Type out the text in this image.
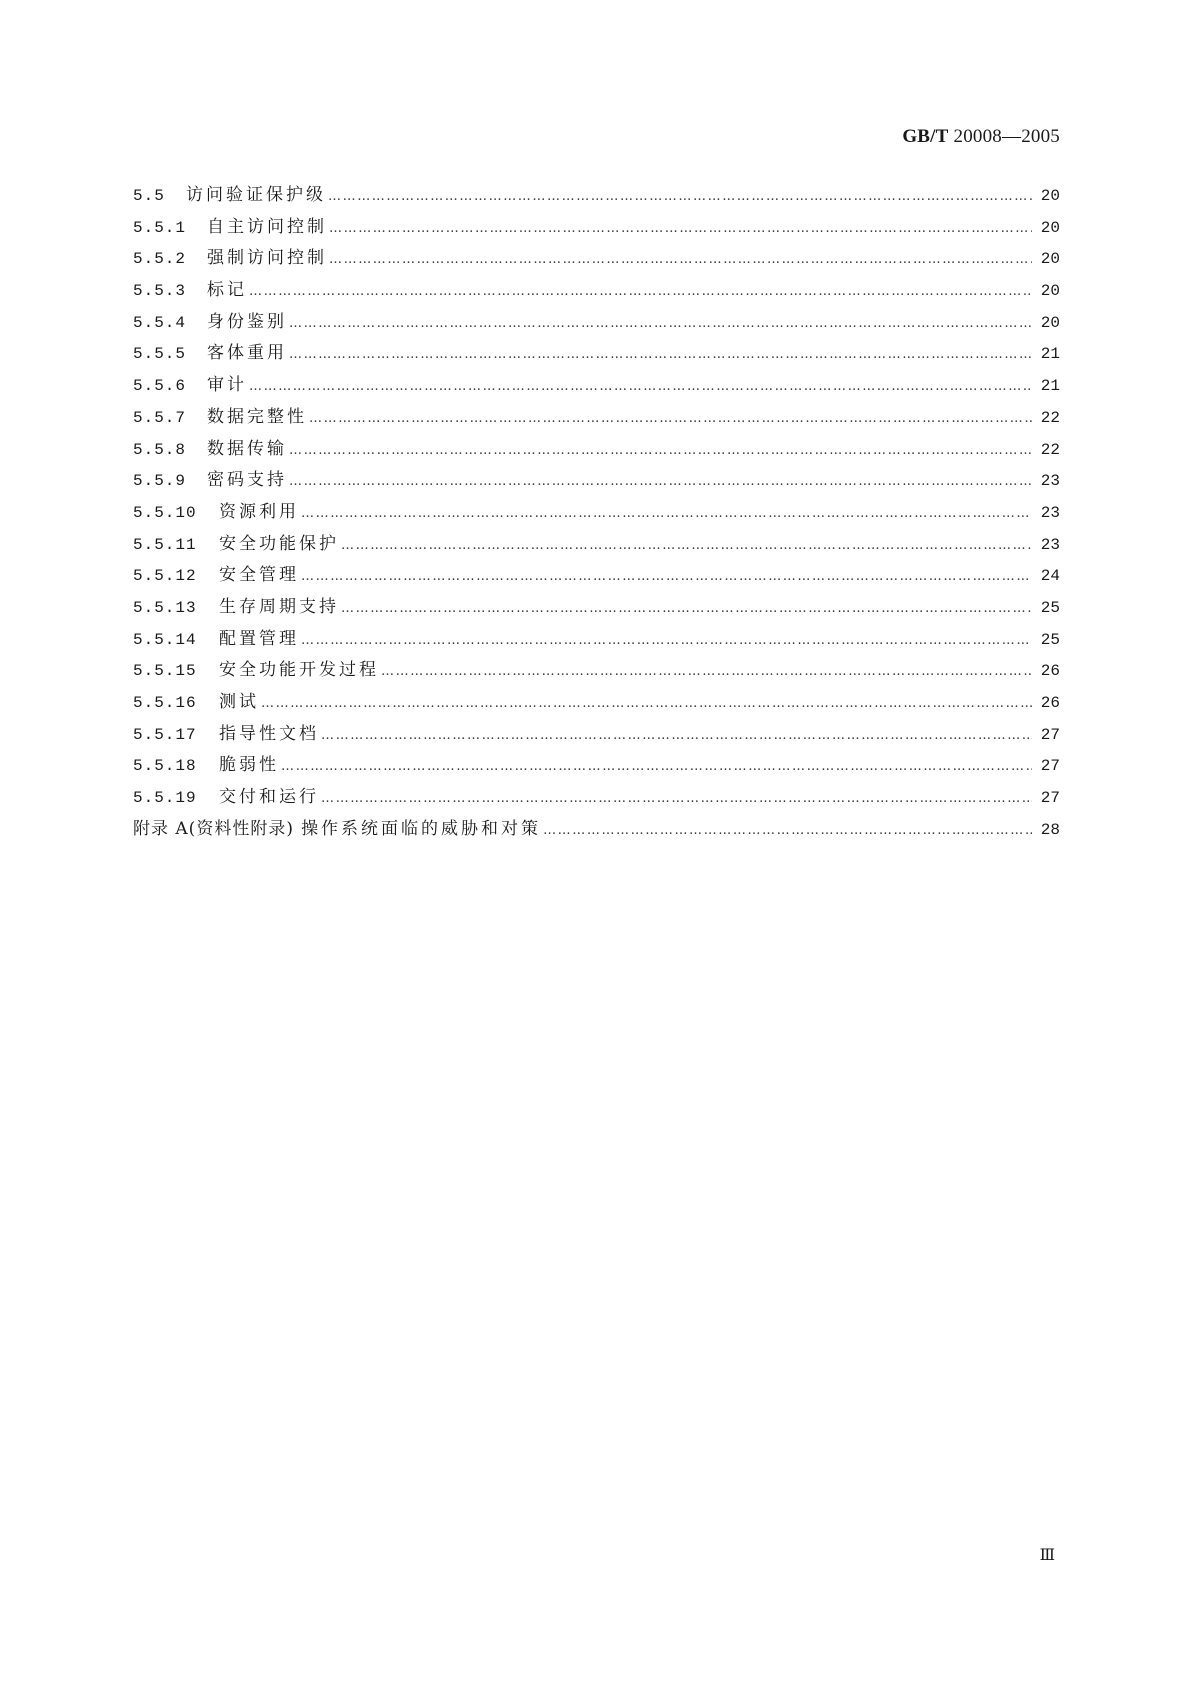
GB/T 20008—2005
5.5	访问验证保护级 ………………………………………………………………………………………………………………………………………………………………………………	20
5.5.1	自主访问控制 ………………………………………………………………………………………………………………………………………………………………………………	20
5.5.2	强制访问控制 ………………………………………………………………………………………………………………………………………………………………………………	20
5.5.3	标记 ………………………………………………………………………………………………………………………………………………………………………………	20
5.5.4	身份鉴别 ………………………………………………………………………………………………………………………………………………………………………………	20
5.5.5	客体重用 ………………………………………………………………………………………………………………………………………………………………………………	21
5.5.6	审计 ………………………………………………………………………………………………………………………………………………………………………………	21
5.5.7	数据完整性 ………………………………………………………………………………………………………………………………………………………………………………	22
5.5.8	数据传输 ………………………………………………………………………………………………………………………………………………………………………………	22
5.5.9	密码支持 ………………………………………………………………………………………………………………………………………………………………………………	23
5.5.10	资源利用 ………………………………………………………………………………………………………………………………………………………………………………	23
5.5.11	安全功能保护 ………………………………………………………………………………………………………………………………………………………………………………	23
5.5.12	安全管理 ………………………………………………………………………………………………………………………………………………………………………………	24
5.5.13	生存周期支持 ………………………………………………………………………………………………………………………………………………………………………………	25
5.5.14	配置管理 ………………………………………………………………………………………………………………………………………………………………………………	25
5.5.15	安全功能开发过程 ………………………………………………………………………………………………………………………………………………………………………………	26
5.5.16	测试 ………………………………………………………………………………………………………………………………………………………………………………	26
5.5.17	指导性文档 ………………………………………………………………………………………………………………………………………………………………………………	27
5.5.18	脆弱性 ………………………………………………………………………………………………………………………………………………………………………………	27
5.5.19	交付和运行 ………………………………………………………………………………………………………………………………………………………………………………	27
附录 A(资料性附录) 操作系统面临的威胁和对策 ………………………………………………………………………………………………………………………………………………………………………………	28
Ⅲ
